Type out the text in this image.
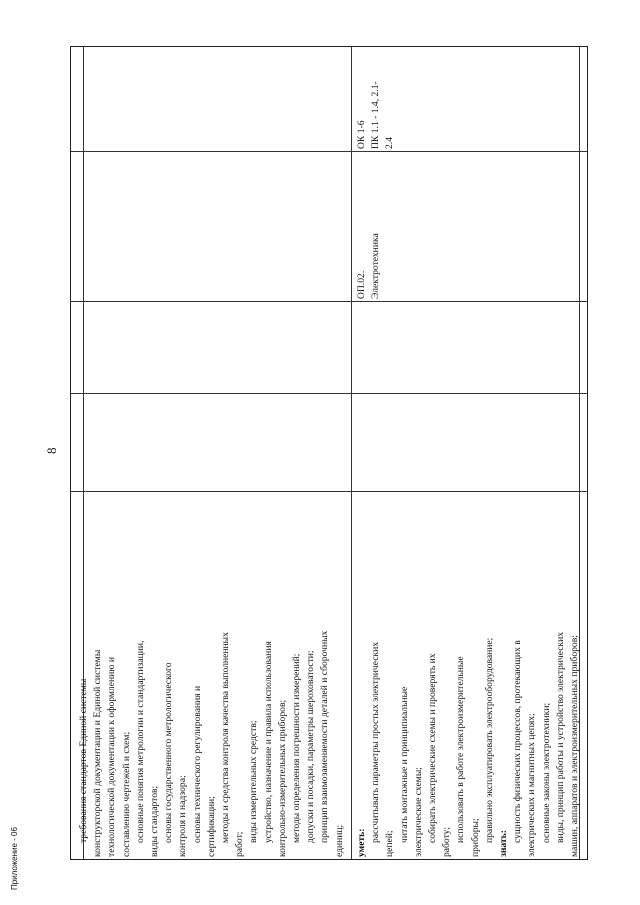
8

требования стандартов Единой системы конструкторской документации и Единой системы технологической документации к оформлению и составлению чертежей и схем; основные понятия метрологии и стандартизации, виды стандартов; основы государственного метрологического контроля и надзора; основы технического регулирования и сертификации; методы и средства контроля качества выполненных

работ;

виды измерительных средств; устройство, назначение и правила использования контрольно-измерительных приборов; методы определения погрешности измерений; допуски и посадки, параметры шероховатости; принцип взаимозаменяемости деталей и сборочных единиц; уметь: рассчитывать параметры простых электрических

цепей;

читать монтажные и принципиальные электрические схемы; собирать электрические схемы и проверять их работу; использовать в работе электроизмерительные приборы; правильно эксплуатировать электрооборудование;

знать:

сущность физических процессов, протекающих в электрических и магнитных цепях; основные законы электротехники; виды, принцип работы и устройство электрических машин, аппаратов и электроизмерительных приборов;

ОП.02. Электротехника

ОК 1-6 ПК 1.1 - 1.4, 2.1- 2.4

Приложение - 06
